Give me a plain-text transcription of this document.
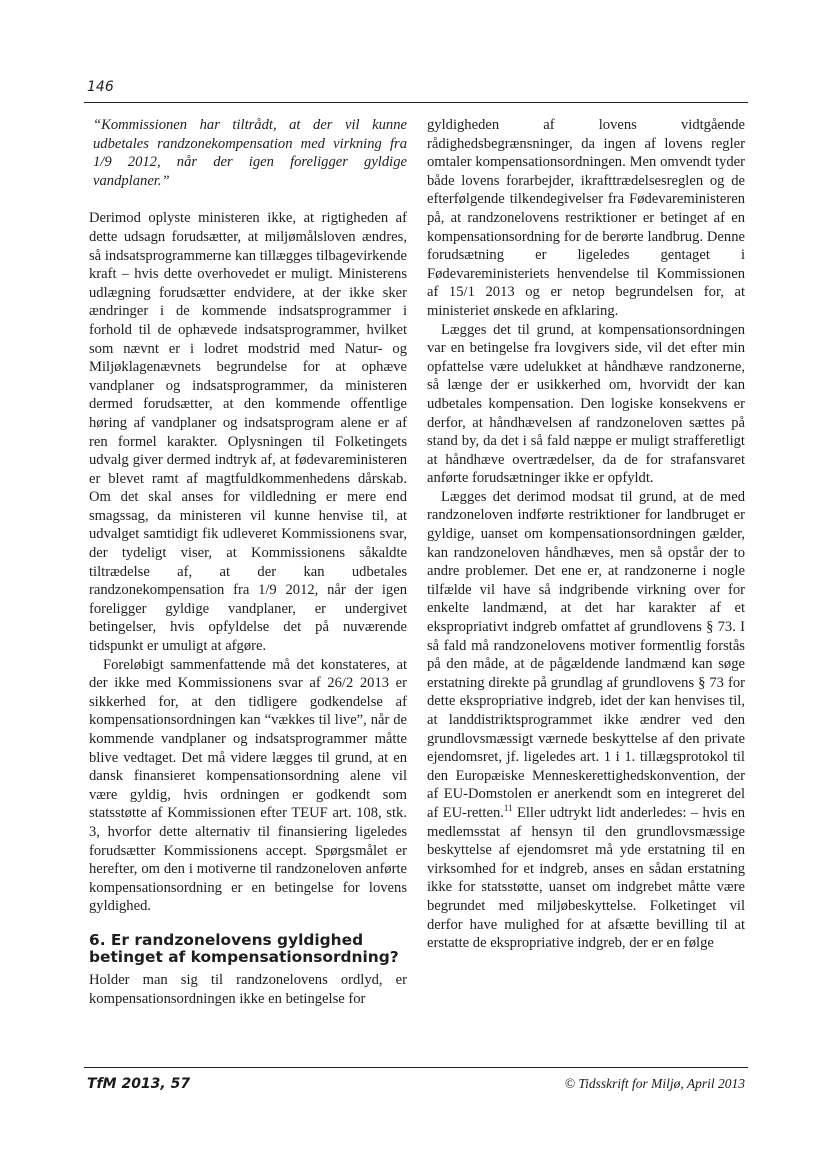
146

“Kommissionen har tiltrådt, at der vil kunne udbetales randzonekompensation med virkning fra 1/9 2012, når der igen foreligger gyldige vandplaner.”

Derimod oplyste ministeren ikke, at rigtigheden af dette udsagn forudsætter, at miljømålsloven ændres, så indsatsprogrammerne kan tillægges tilbagevirkende kraft – hvis dette overhovedet er muligt. Ministerens udlægning forudsætter endvidere, at der ikke sker ændringer i de kommende indsatsprogrammer i forhold til de ophævede indsatsprogrammer, hvilket som nævnt er i lodret modstrid med Natur- og Miljøklagenævnets begrundelse for at ophæve vandplaner og indsatsprogrammer, da ministeren dermed forudsætter, at den kommende offentlige høring af vandplaner og indsatsprogram alene er af ren formel karakter. Oplysningen til Folketingets udvalg giver dermed indtryk af, at fødevareministeren er blevet ramt af magtfuldkommenhedens dårskab. Om det skal anses for vildledning er mere end smagssag, da ministeren vil kunne henvise til, at udvalget samtidigt fik udleveret Kommissionens svar, der tydeligt viser, at Kommissionens såkaldte tiltrædelse af, at der kan udbetales randzonekompensation fra 1/9 2012, når der igen foreligger gyldige vandplaner, er undergivet betingelser, hvis opfyldelse det på nuværende tidspunkt er umuligt at afgøre.

Foreløbigt sammenfattende må det konstateres, at der ikke med Kommissionens svar af 26/2 2013 er sikkerhed for, at den tidligere godkendelse af kompensationsordningen kan “vækkes til live”, når de kommende vandplaner og indsatsprogrammer måtte blive vedtaget. Det må videre lægges til grund, at en dansk finansieret kompensationsordning alene vil være gyldig, hvis ordningen er godkendt som statsstøtte af Kommissionen efter TEUF art. 108, stk. 3, hvorfor dette alternativ til finansiering ligeledes forudsætter Kommissionens accept. Spørgsmålet er herefter, om den i motiverne til randzoneloven anførte kompensationsordning er en betingelse for lovens gyldighed.

6. Er randzonelovens gyldighed betinget af kompensationsordning?

Holder man sig til randzonelovens ordlyd, er kompensationsordningen ikke en betingelse for

gyldigheden af lovens vidtgående rådighedsbegrænsninger, da ingen af lovens regler omtaler kompensationsordningen. Men omvendt tyder både lovens forarbejder, ikrafttrædelsesreglen og de efterfølgende tilkendegivelser fra Fødevareministeren på, at randzonelovens restriktioner er betinget af en kompensationsordning for de berørte landbrug. Denne forudsætning er ligeledes gentaget i Fødevareministeriets henvendelse til Kommissionen af 15/1 2013 og er netop begrundelsen for, at ministeriet ønskede en afklaring.

Lægges det til grund, at kompensationsordningen var en betingelse fra lovgivers side, vil det efter min opfattelse være udelukket at håndhæve randzonerne, så længe der er usikkerhed om, hvorvidt der kan udbetales kompensation. Den logiske konsekvens er derfor, at håndhævelsen af randzoneloven sættes på stand by, da det i så fald næppe er muligt strafferetligt at håndhæve overtrædelser, da de for strafansvaret anførte forudsætninger ikke er opfyldt.

Lægges det derimod modsat til grund, at de med randzoneloven indførte restriktioner for landbruget er gyldige, uanset om kompensationsordningen gælder, kan randzoneloven håndhæves, men så opstår der to andre problemer. Det ene er, at randzonerne i nogle tilfælde vil have så indgribende virkning over for enkelte landmænd, at det har karakter af et ekspropriativt indgreb omfattet af grundlovens § 73. I så fald må randzonelovens motiver formentlig forstås på den måde, at de pågældende landmænd kan søge erstatning direkte på grundlag af grundlovens § 73 for dette ekspropriative indgreb, idet der kan henvises til, at landdistriktsprogrammet ikke ændrer ved den grundlovsmæssigt værnede beskyttelse af den private ejendomsret, jf. ligeledes art. 1 i 1. tillægsprotokol til den Europæiske Menneskerettighedskonvention, der af EU-Domstolen er anerkendt som en integreret del af EU-retten.$^{11}$ Eller udtrykt lidt anderledes: – hvis en medlemsstat af hensyn til den grundlovsmæssige beskyttelse af ejendomsret må yde erstatning til en virksomhed for et indgreb, anses en sådan erstatning ikke for statsstøtte, uanset om indgrebet måtte være begrundet med miljøbeskyttelse. Folketinget vil derfor have mulighed for at afsætte bevilling til at erstatte de ekspropriative indgreb, der er en følge

TfM 2013, 57	© Tidsskrift for Miljø, April 2013
